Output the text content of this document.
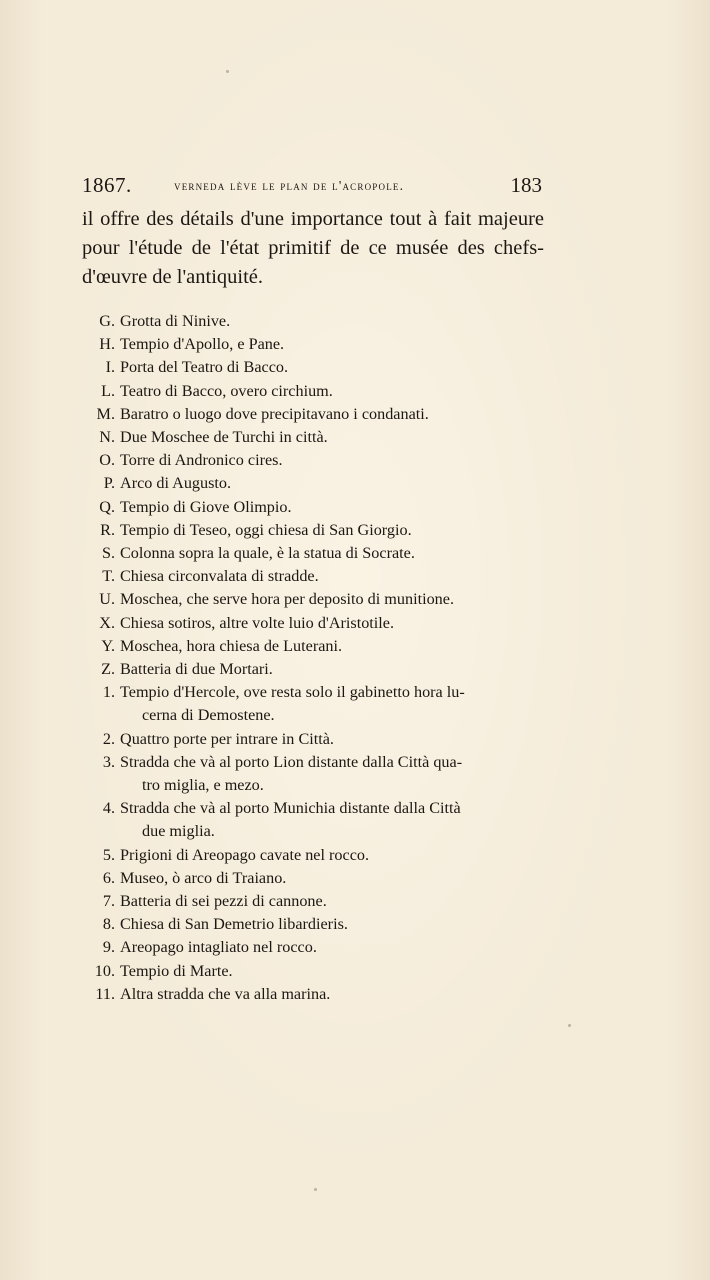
1867.	verneda lève le plan de l'acropole.	183

il offre des détails d'une importance tout à fait majeure pour l'étude de l'état primitif de ce musée des chefs-d'œuvre de l'antiquité.

G. Grotta di Ninive.
H. Tempio d'Apollo, e Pane.
I. Porta del Teatro di Bacco.
L. Teatro di Bacco, overo circhium.
M. Baratro o luogo dove precipitavano i condanati.
N. Due Moschee de Turchi in città.
O. Torre di Andronico cires.
P. Arco di Augusto.
Q. Tempio di Giove Olimpio.
R. Tempio di Teseo, oggi chiesa di San Giorgio.
S. Colonna sopra la quale, è la statua di Socrate.
T. Chiesa circonvalata di stradde.
U. Moschea, che serve hora per deposito di munitione.
X. Chiesa sotiros, altre volte luio d'Aristotile.
Y. Moschea, hora chiesa de Luterani.
Z. Batteria di due Mortari.
1. Tempio d'Hercole, ove resta solo il gabinetto hora lu-
cerna di Demostene.
2. Quattro porte per intrare in Città.
3. Stradda che và al porto Lion distante dalla Città qua-
tro miglia, e mezo.
4. Stradda che và al porto Munichia distante dalla Città
due miglia.
5. Prigioni di Areopago cavate nel rocco.
6. Museo, ò arco di Traiano.
7. Batteria di sei pezzi di cannone.
8. Chiesa di San Demetrio libardieris.
9. Areopago intagliato nel rocco.
10. Tempio di Marte.
11. Altra stradda che va alla marina.
